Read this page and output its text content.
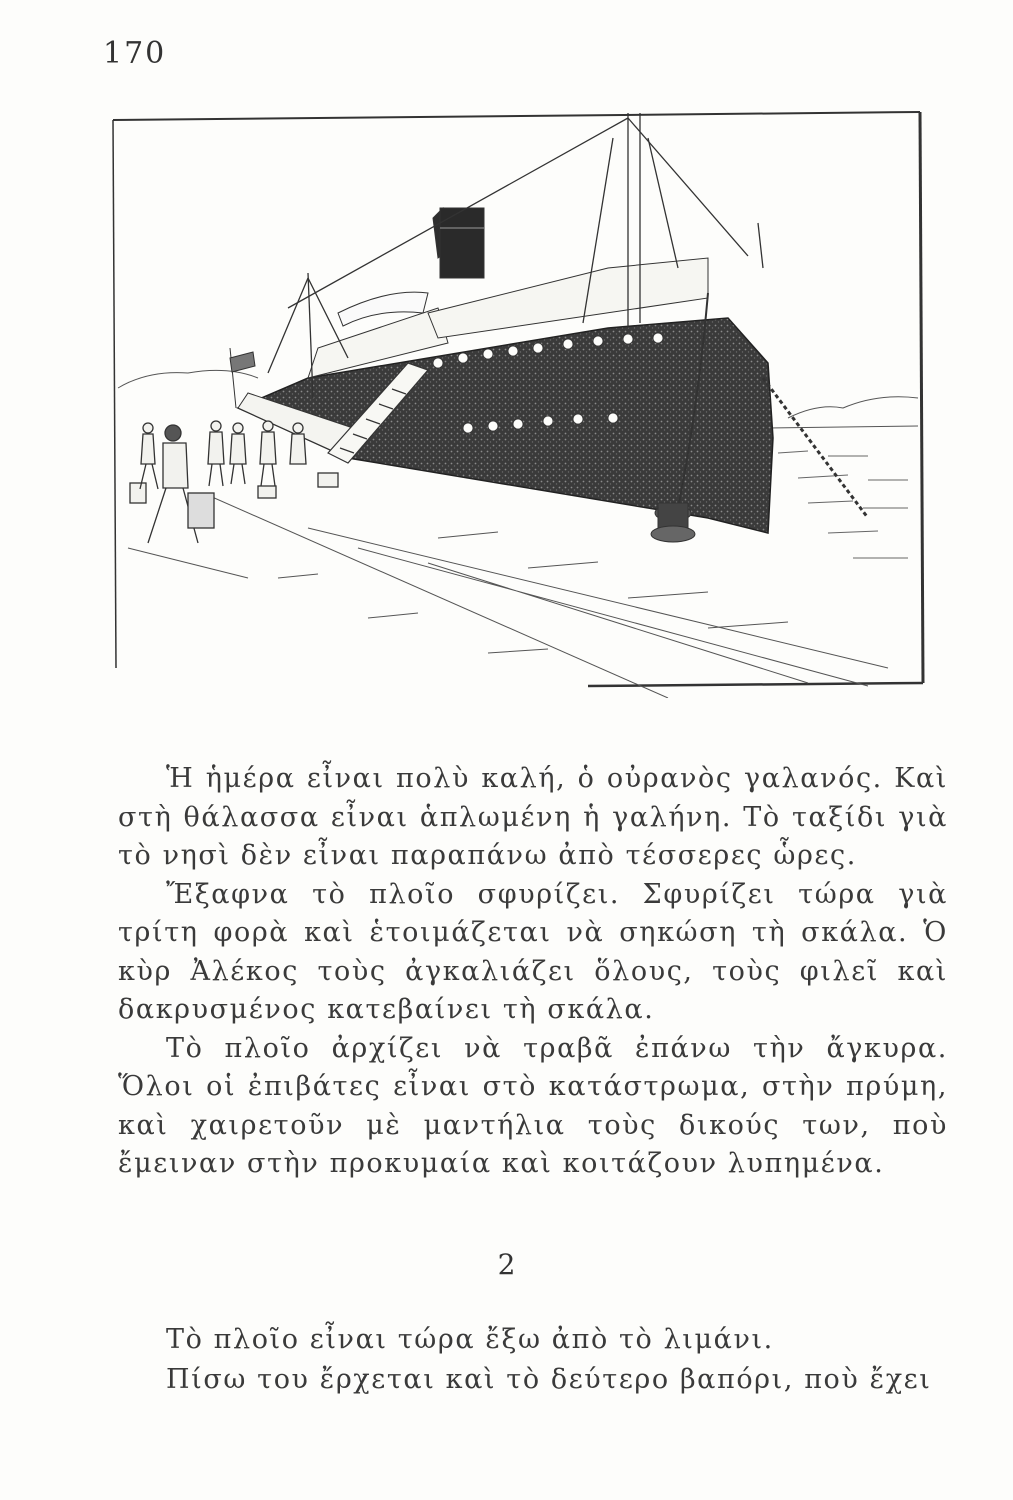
170

Ἡ ἡμέρα εἶναι πολὺ καλή, ὁ οὐρανὸς γαλανός. Καὶ στὴ θάλασσα εἶναι ἁπλωμένη ἡ γαλήνη. Τὸ ταξίδι γιὰ τὸ νησὶ δὲν εἶναι παραπάνω ἀπὸ τέσσερες ὧρες.

Ἔξαφνα τὸ πλοῖο σφυρίζει. Σφυρίζει τώρα γιὰ τρίτη φορὰ καὶ ἑτοιμάζεται νὰ σηκώση τὴ σκάλα. Ὁ κὺρ Ἀλέκος τοὺς ἀγκαλιάζει ὅλους, τοὺς φιλεῖ καὶ δακρυσμένος κατεβαίνει τὴ σκάλα.

Τὸ πλοῖο ἀρχίζει νὰ τραβᾶ ἐπάνω τὴν ἄγκυρα. Ὅλοι οἱ ἐπιβάτες εἶναι στὸ κατάστρωμα, στὴν πρύμη, καὶ χαιρετοῦν μὲ μαντήλια τοὺς δικούς των, ποὺ ἔμειναν στὴν προκυμαία καὶ κοιτάζουν λυπημένα.

2

Τὸ πλοῖο εἶναι τώρα ἔξω ἀπὸ τὸ λιμάνι.

Πίσω του ἔρχεται καὶ τὸ δεύτερο βαπόρι, ποὺ ἔχει
